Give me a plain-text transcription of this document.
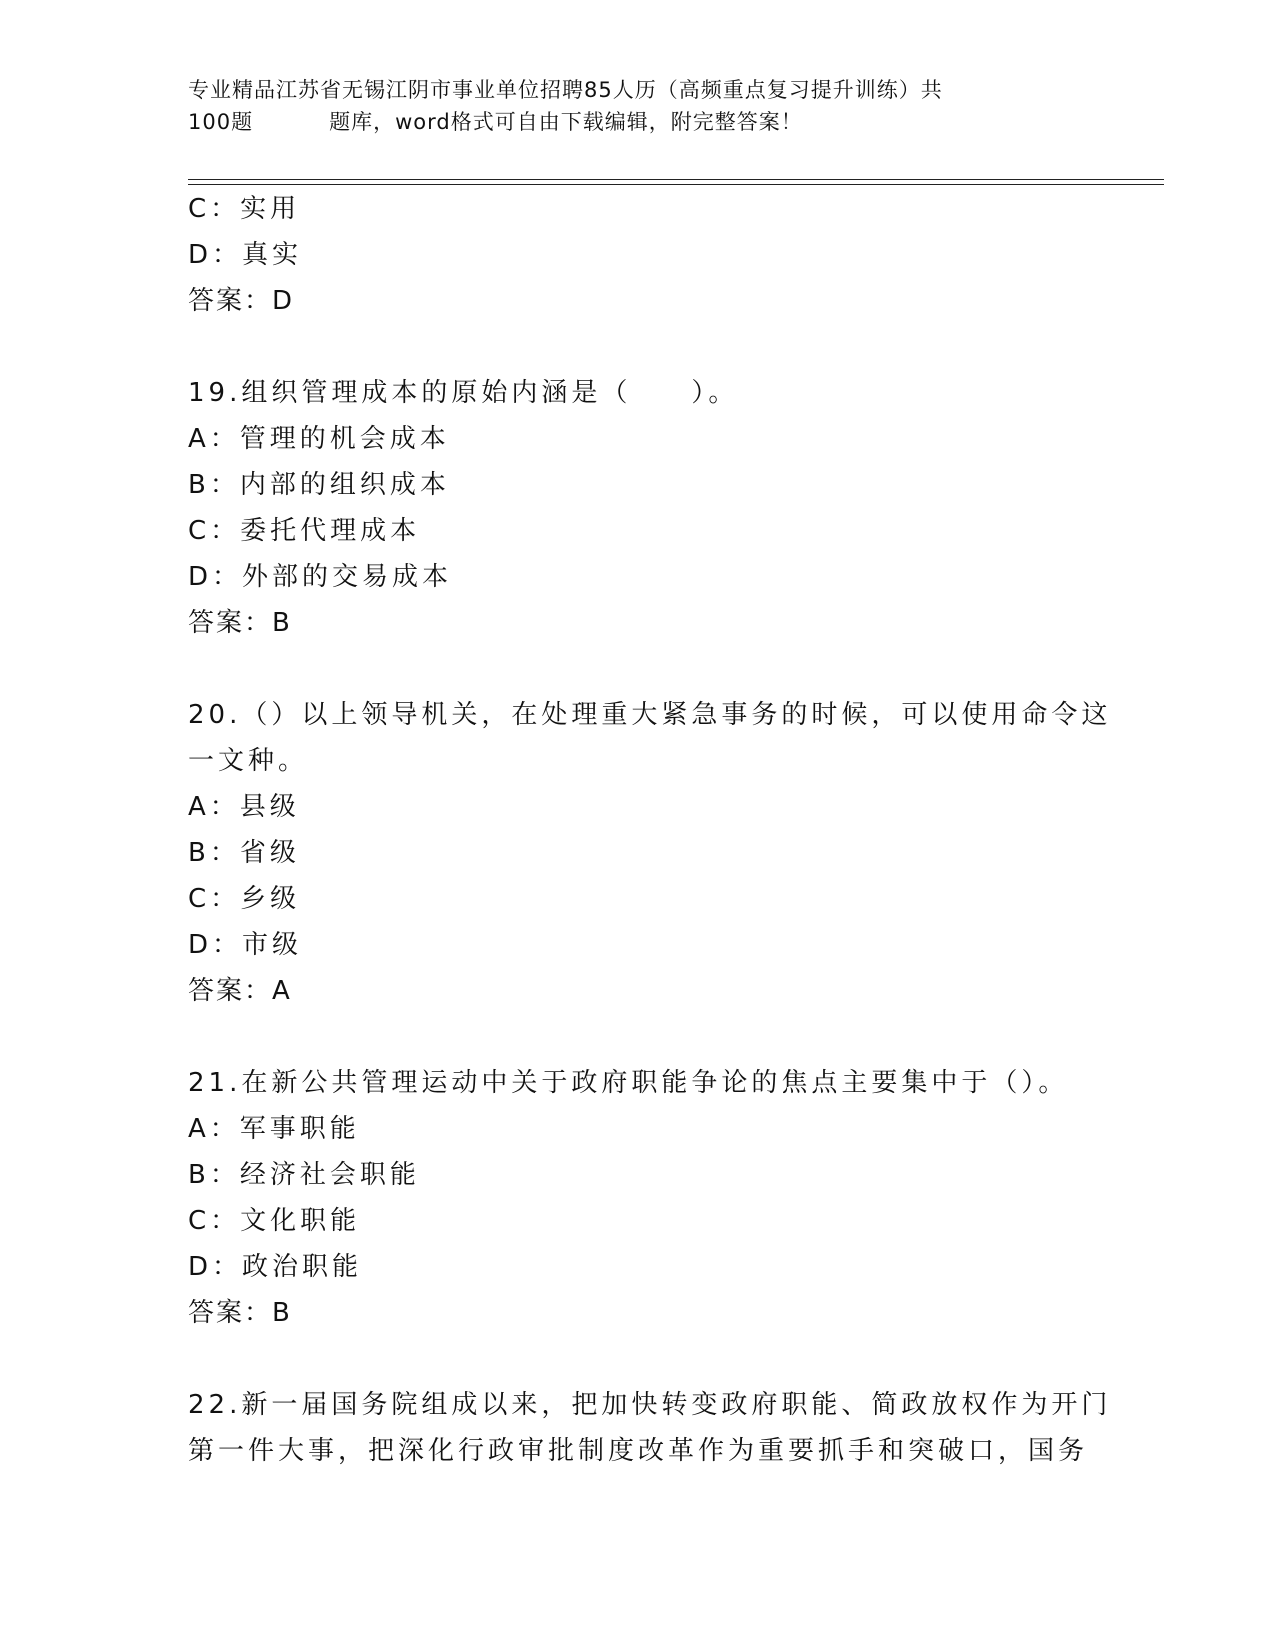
专业精品江苏省无锡江阴市事业单位招聘85人历（高频重点复习提升训练）共
100题	题库，word格式可自由下载编辑，附完整答案！
C：实用
D：真实
答案：D
19.组织管理成本的原始内涵是（　　）。
A：管理的机会成本
B：内部的组织成本
C：委托代理成本
D：外部的交易成本
答案：B
20.（）以上领导机关，在处理重大紧急事务的时候，可以使用命令这
一文种。
A：县级
B：省级
C：乡级
D：市级
答案：A
21.在新公共管理运动中关于政府职能争论的焦点主要集中于（）。
A：军事职能
B：经济社会职能
C：文化职能
D：政治职能
答案：B
22.新一届国务院组成以来，把加快转变政府职能、简政放权作为开门
第一件大事，把深化行政审批制度改革作为重要抓手和突破口，国务
